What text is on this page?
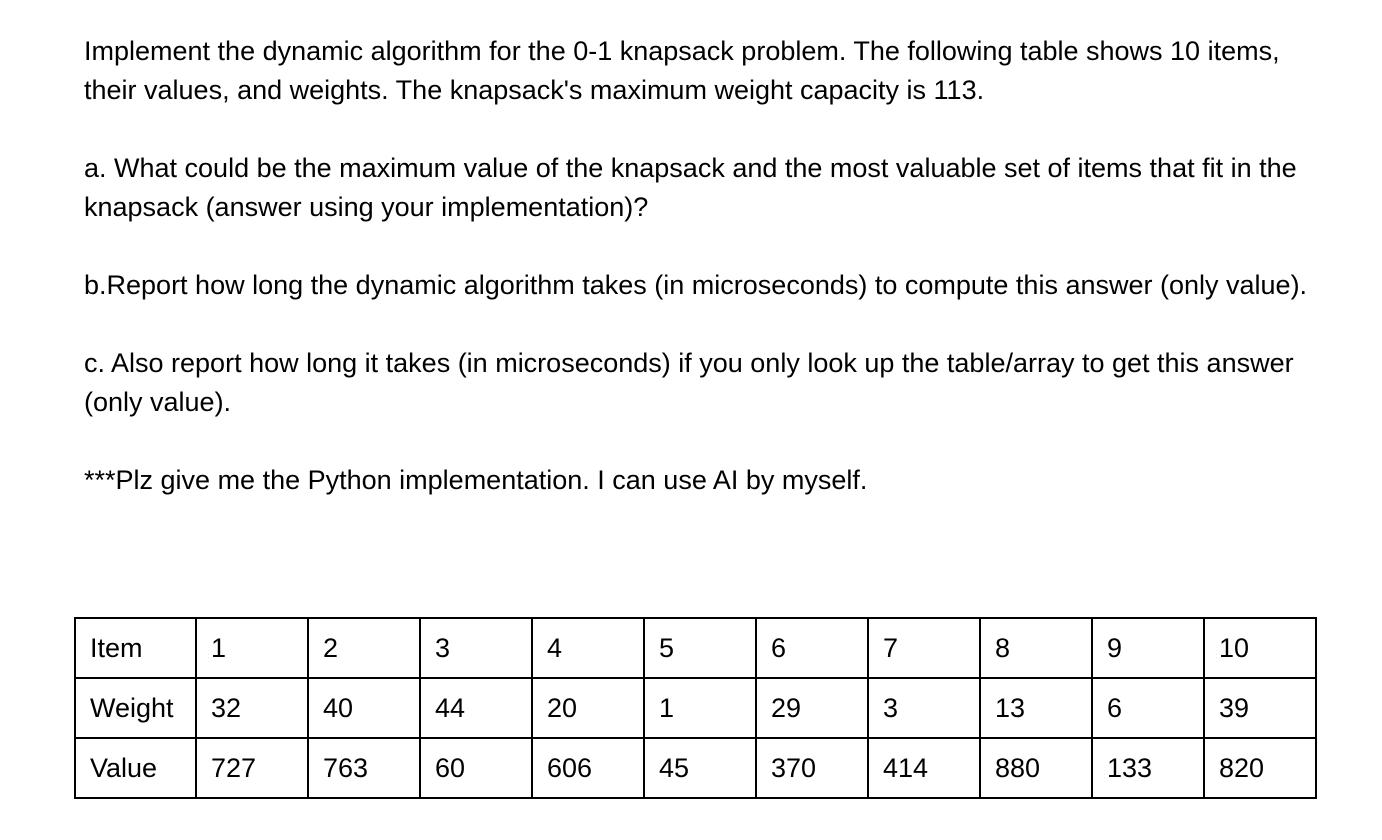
Implement the dynamic algorithm for the 0-1 knapsack problem. The following table shows 10 items, their values, and weights. The knapsack's maximum weight capacity is 113.

a. What could be the maximum value of the knapsack and the most valuable set of items that fit in the knapsack (answer using your implementation)?

b.Report how long the dynamic algorithm takes (in microseconds) to compute this answer (only value).

c. Also report how long it takes (in microseconds) if you only look up the table/array to get this answer (only value).

***Plz give me the Python implementation. I can use AI by myself.

Item	1	2	3	4	5	6	7	8	9	10
Weight	32	40	44	20	1	29	3	13	6	39
Value	727	763	60	606	45	370	414	880	133	820
